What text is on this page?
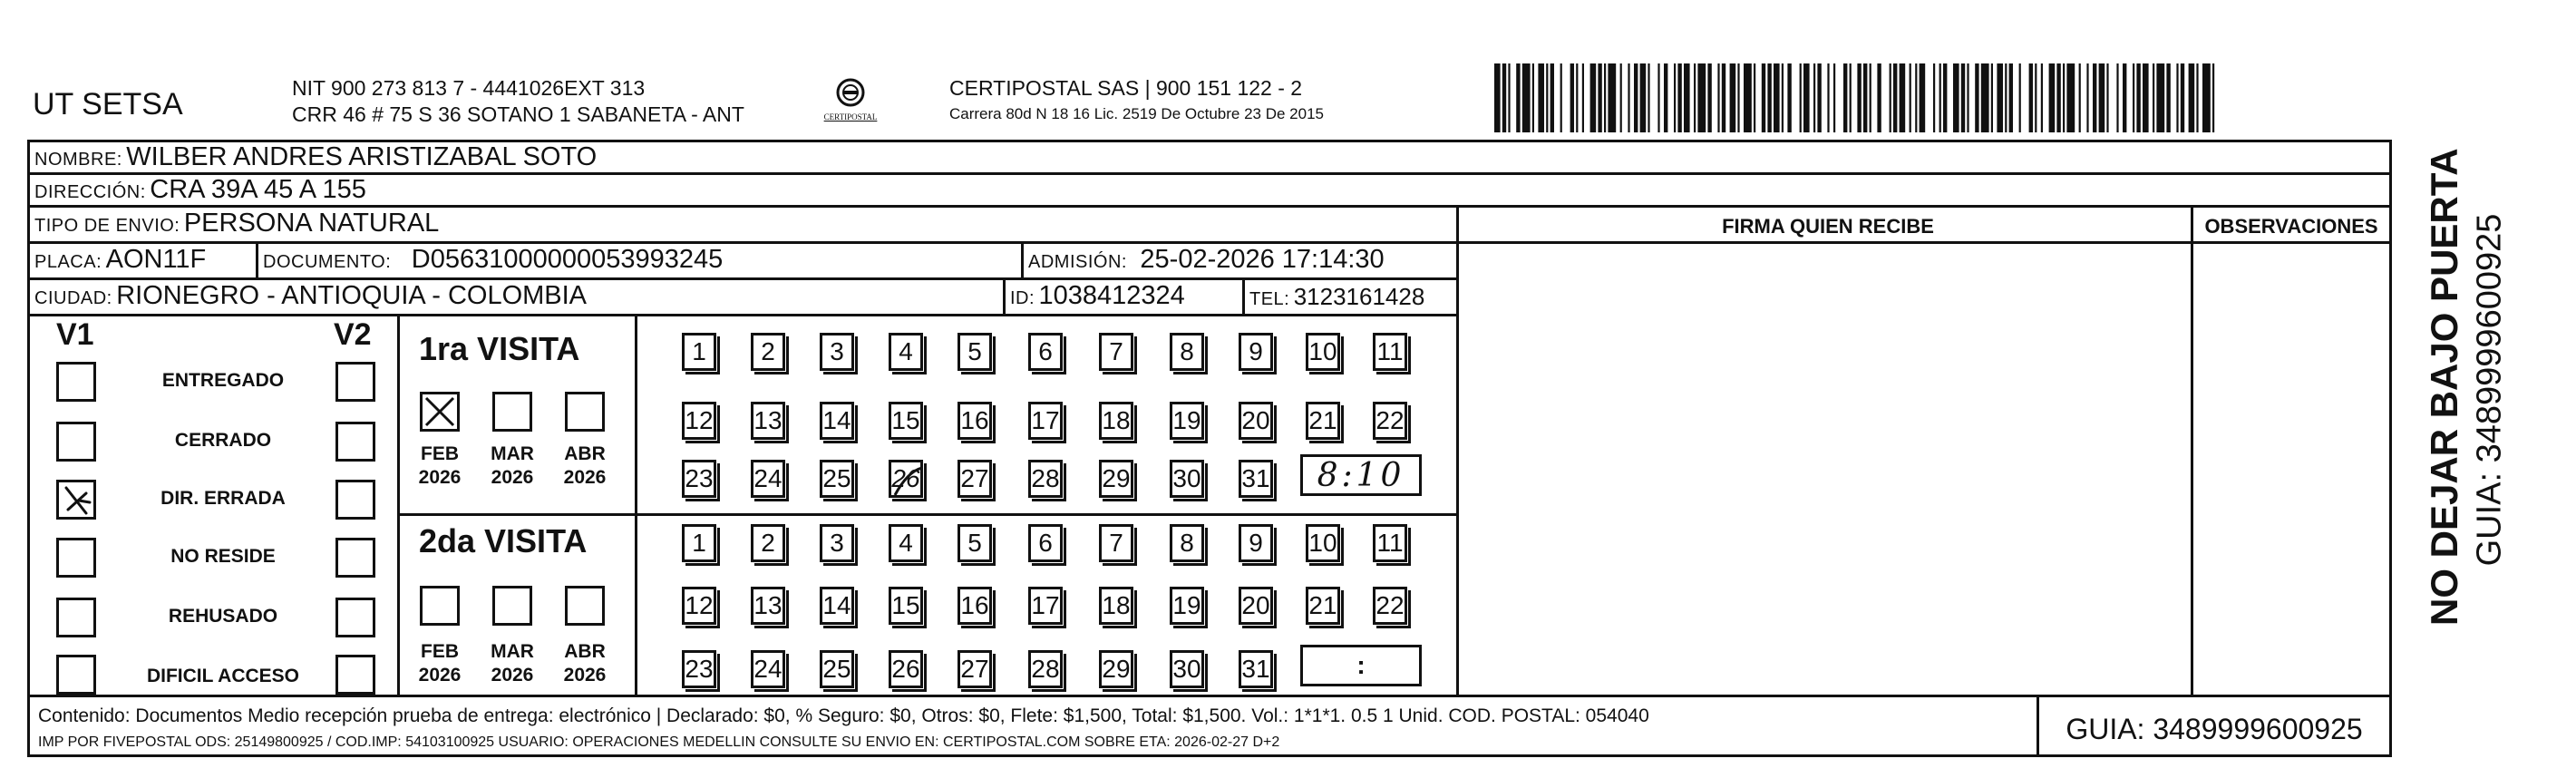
UT SETSA	NIT 900 273 813 7 - 4441026EXT 313
CRR 46 # 75 S 36 SOTANO 1 SABANETA - ANT	CERTIPOSTAL
CERTIPOSTAL SAS | 900 151 122 - 2
Carrera 80d N 18 16 Lic. 2519 De Octubre 23 De 2015
NOMBRE: WILBER ANDRES ARISTIZABAL SOTO
DIRECCIÓN: CRA 39A 45 A 155
TIPO DE ENVIO: PERSONA NATURAL	FIRMA QUIEN RECIBE	OBSERVACIONES
PLACA: AON11F	DOCUMENTO: D05631000000053993245	ADMISIÓN: 25-02-2026 17:14:30
CIUDAD: RIONEGRO - ANTIOQUIA - COLOMBIA	ID: 1038412324	TEL: 3123161428
V1	V2
ENTREGADO
CERRADO
DIR. ERRADA
NO RESIDE
REHUSADO
DIFICIL ACCESO
1ra VISITA
FEB
2026
MAR
2026
ABR
2026
2da VISITA
FEB
2026
MAR
2026
ABR
2026
1	2	3	4	5	6	7	8	9	10 11
12 13 14 15 16 17 18 19 20 21 22
23 24 25 26 27 28 29 30 31
1	2	3	4	5	6	7	8	9	10 11
12 13 14 15 16 17 18 19 20 21 22
23 24 25 26 27 28 29 30 31
8:10
:
Contenido: Documentos Medio recepción prueba de entrega: electrónico | Declarado: $0, % Seguro: $0, Otros: $0, Flete: $1,500, Total: $1,500. Vol.: 1*1*1. 0.5 1 Unid. COD. POSTAL: 054040
IMP POR FIVEPOSTAL ODS: 25149800925 / COD.IMP: 54103100925 USUARIO: OPERACIONES MEDELLIN CONSULTE SU ENVIO EN: CERTIPOSTAL.COM SOBRE ETA: 2026-02-27 D+2	GUIA: 3489999600925
NO DEJAR BAJO PUERTA GUIA: 3489999600925
